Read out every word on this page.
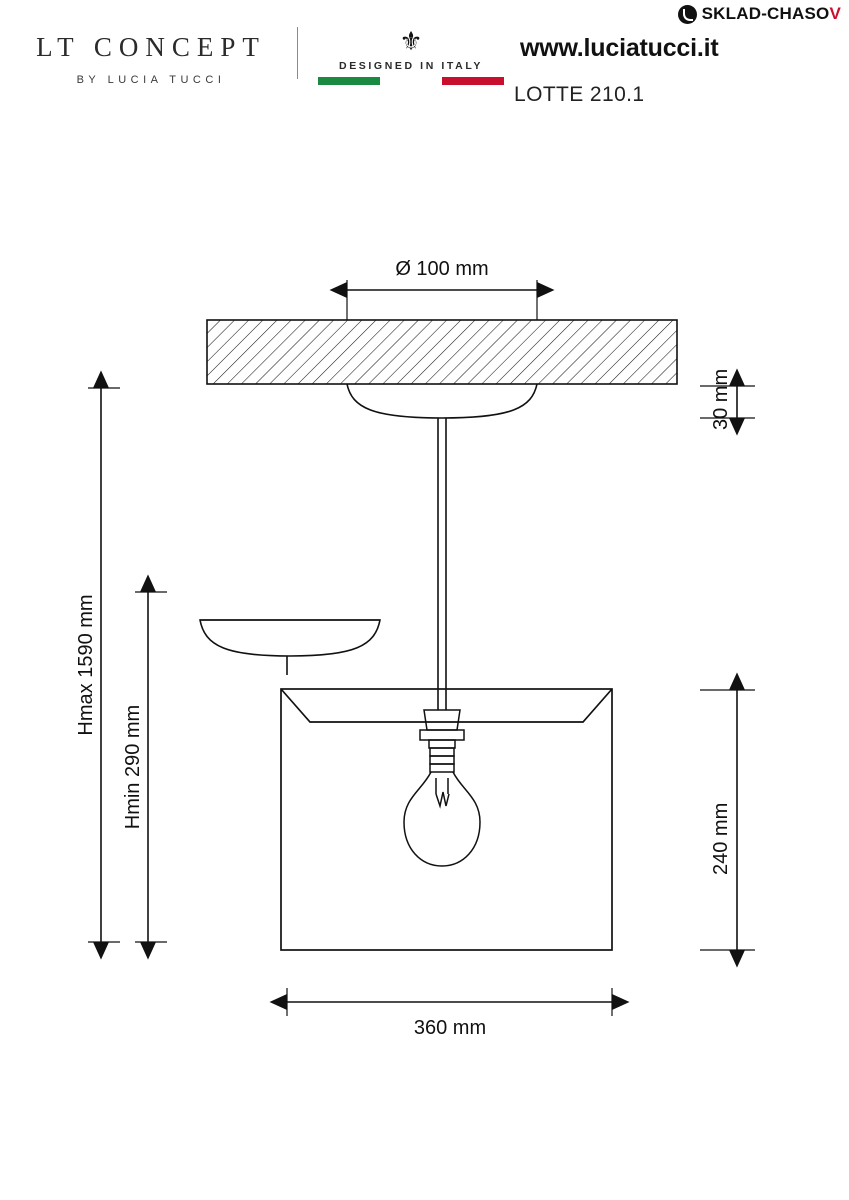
SKLAD-CHASOV
LT CONCEPT
BY LUCIA TUCCI
⚜
DESIGNED IN ITALY
www.luciatucci.it
LOTTE 210.1
Ø 100 mm
30 mm
240 mm
360 mm
Hmax 1590 mm
Hmin 290 mm
